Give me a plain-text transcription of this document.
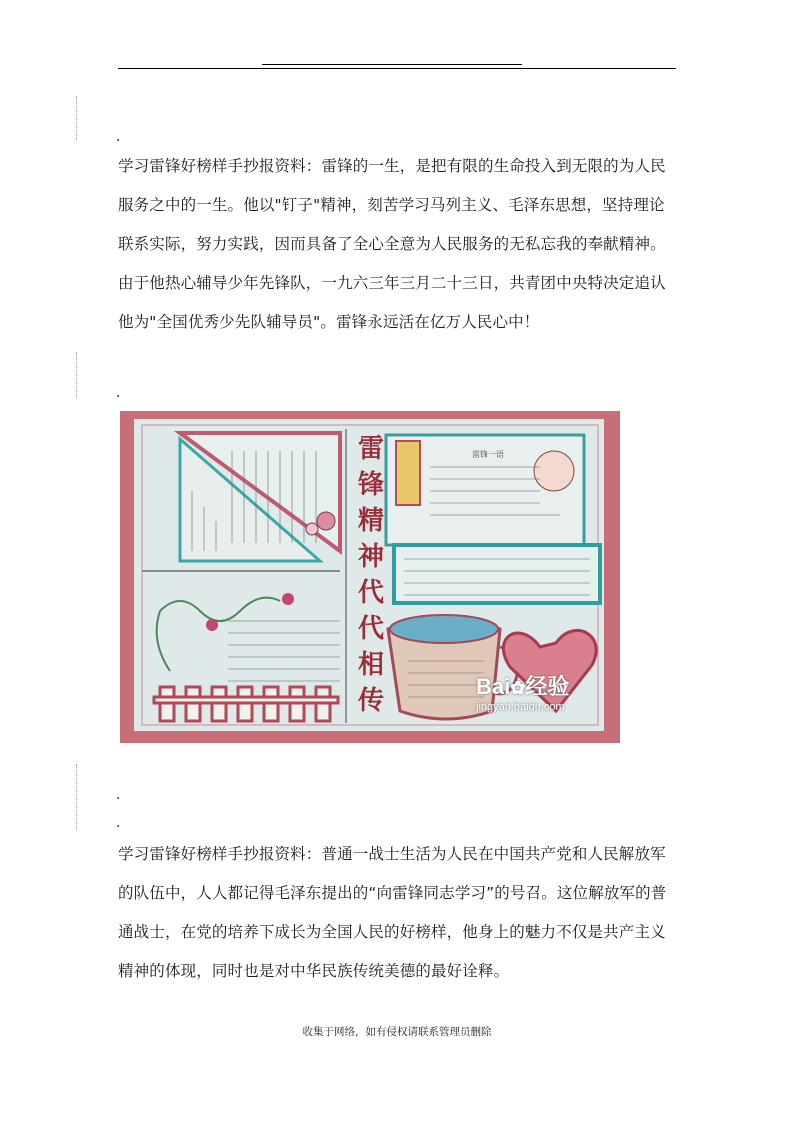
.

学习雷锋好榜样手抄报资料：雷锋的一生，是把有限的生命投入到无限的为人民服务之中的一生。他以"钉子"精神，刻苦学习马列主义、毛泽东思想，坚持理论联系实际，努力实践，因而具备了全心全意为人民服务的无私忘我的奉献精神。由于他热心辅导少年先锋队，一九六三年三月二十三日，共青团中央特决定追认他为"全国优秀少先队辅导员"。雷锋永远活在亿万人民心中！

.
雷
锋
精
神
代
代
相
传
雷锋一语
Bai✿经验
jingyan.baidu.com
.
.

学习雷锋好榜样手抄报资料：普通一战士生活为人民在中国共产党和人民解放军的队伍中，人人都记得毛泽东提出的“向雷锋同志学习”的号召。这位解放军的普通战士，在党的培养下成长为全国人民的好榜样，他身上的魅力不仅是共产主义精神的体现，同时也是对中华民族传统美德的最好诠释。

收集于网络，如有侵权请联系管理员删除
